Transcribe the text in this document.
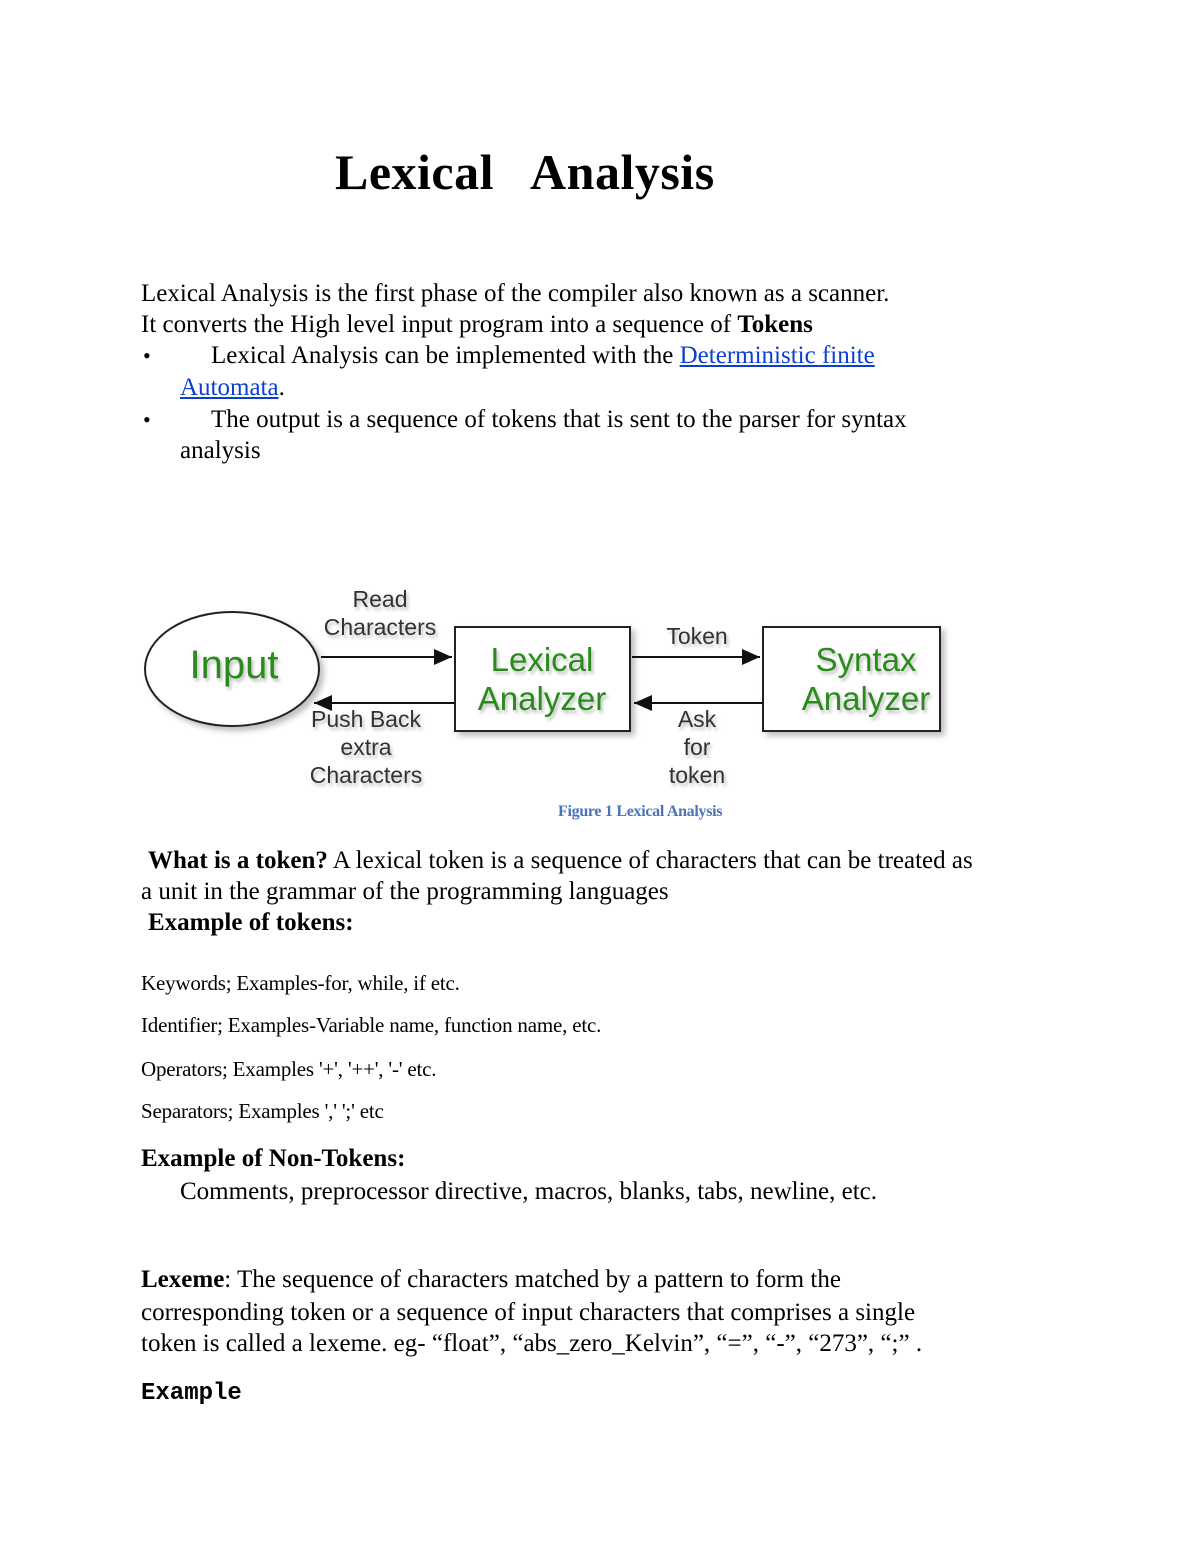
Lexical Analysis
Lexical Analysis is the first phase of the compiler also known as a scanner.
It converts the High level input program into a sequence of Tokens
• Lexical Analysis can be implemented with the Deterministic finite
Automata.
• The output is a sequence of tokens that is sent to the parser for syntax
analysis
Input	Lexical
Analyzer
Syntax
Analyzer
Read
Characters
Push Back
extra
Characters
Token
Ask
for
token
Figure 1 Lexical Analysis
What is a token? A lexical token is a sequence of characters that can be treated as
a unit in the grammar of the programming languages
Example of tokens:
Keywords; Examples-for, while, if etc.
Identifier; Examples-Variable name, function name, etc.
Operators; Examples '+', '++', '-' etc.
Separators; Examples ',' ';' etc
Example of Non-Tokens:
Comments, preprocessor directive, macros, blanks, tabs, newline, etc.
Lexeme: The sequence of characters matched by a pattern to form the
corresponding token or a sequence of input characters that comprises a single
token is called a lexeme. eg- “float”, “abs_zero_Kelvin”, “=”, “-”, “273”, “;” .
Example
